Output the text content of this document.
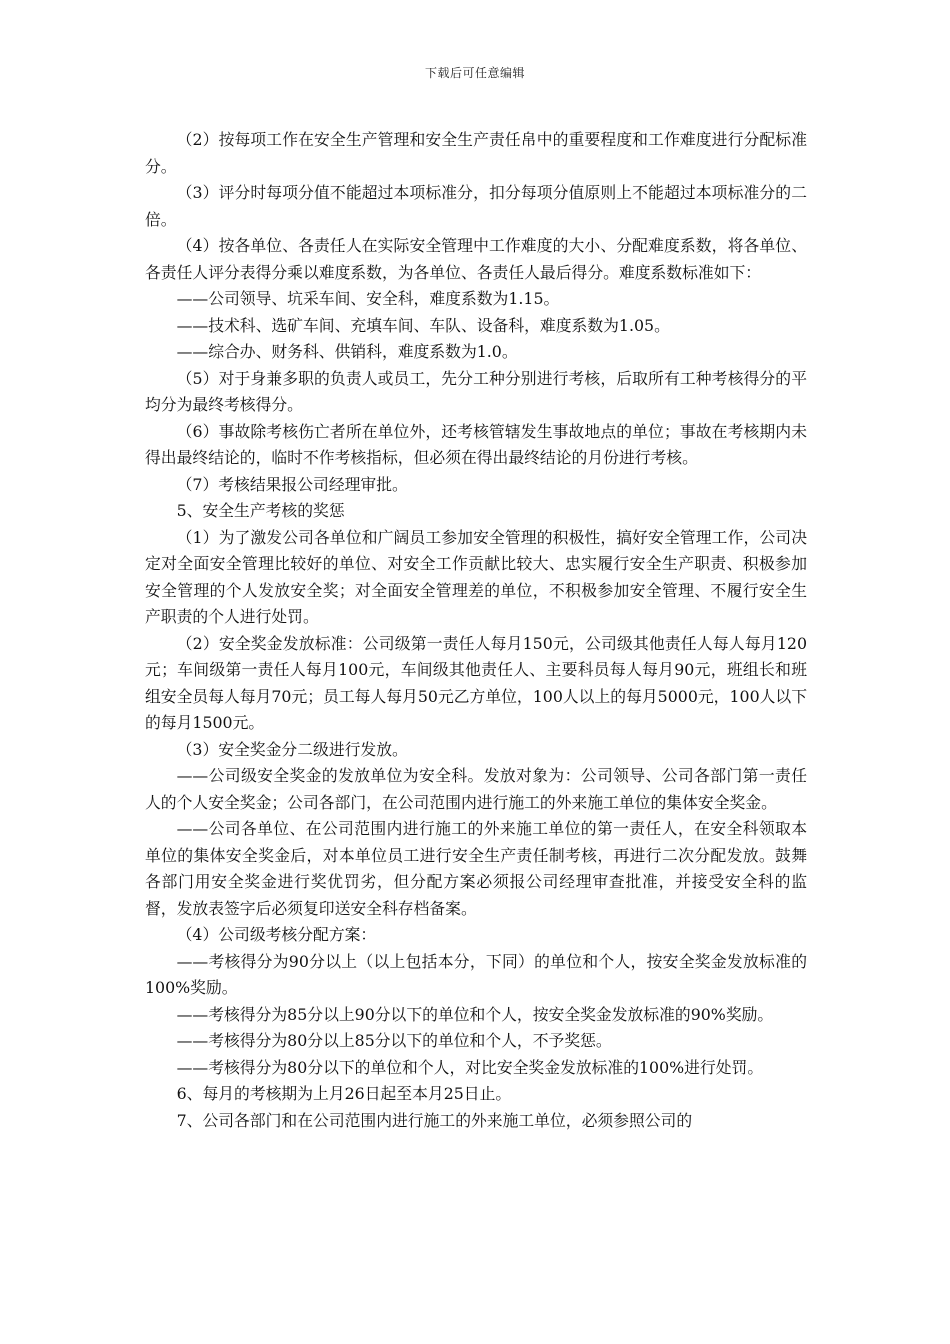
下载后可任意编辑

（2）按每项工作在安全生产管理和安全生产责任帛中的重要程度和工作难度进行分配标准分。

（3）评分时每项分值不能超过本项标准分，扣分每项分值原则上不能超过本项标准分的二倍。

（4）按各单位、各责任人在实际安全管理中工作难度的大小、分配难度系数，将各单位、各责任人评分表得分乘以难度系数，为各单位、各责任人最后得分。难度系数标准如下：

——公司领导、坑采车间、安全科，难度系数为1.15。

——技术科、选矿车间、充填车间、车队、设备科，难度系数为1.05。

——综合办、财务科、供销科，难度系数为1.0。

（5）对于身兼多职的负责人或员工，先分工种分别进行考核，后取所有工种考核得分的平均分为最终考核得分。

（6）事故除考核伤亡者所在单位外，还考核管辖发生事故地点的单位；事故在考核期内未得出最终结论的，临时不作考核指标，但必须在得出最终结论的月份进行考核。

（7）考核结果报公司经理审批。

5、安全生产考核的奖惩

（1）为了激发公司各单位和广阔员工参加安全管理的积极性，搞好安全管理工作，公司决定对全面安全管理比较好的单位、对安全工作贡献比较大、忠实履行安全生产职责、积极参加安全管理的个人发放安全奖；对全面安全管理差的单位，不积极参加安全管理、不履行安全生产职责的个人进行处罚。

（2）安全奖金发放标准：公司级第一责任人每月150元，公司级其他责任人每人每月120元；车间级第一责任人每月100元，车间级其他责任人、主要科员每人每月90元，班组长和班组安全员每人每月70元；员工每人每月50元乙方单位，100人以上的每月5000元，100人以下的每月1500元。

（3）安全奖金分二级进行发放。

——公司级安全奖金的发放单位为安全科。发放对象为：公司领导、公司各部门第一责任人的个人安全奖金；公司各部门，在公司范围内进行施工的外来施工单位的集体安全奖金。

——公司各单位、在公司范围内进行施工的外来施工单位的第一责任人，在安全科领取本单位的集体安全奖金后，对本单位员工进行安全生产责任制考核，再进行二次分配发放。鼓舞各部门用安全奖金进行奖优罚劣，但分配方案必须报公司经理审查批准，并接受安全科的监督，发放表签字后必须复印送安全科存档备案。

（4）公司级考核分配方案：

——考核得分为90分以上（以上包括本分，下同）的单位和个人，按安全奖金发放标准的100%奖励。

——考核得分为85分以上90分以下的单位和个人，按安全奖金发放标准的90%奖励。

——考核得分为80分以上85分以下的单位和个人，不予奖惩。

——考核得分为80分以下的单位和个人，对比安全奖金发放标准的100%进行处罚。

6、每月的考核期为上月26日起至本月25日止。

7、公司各部门和在公司范围内进行施工的外来施工单位，必须参照公司的
